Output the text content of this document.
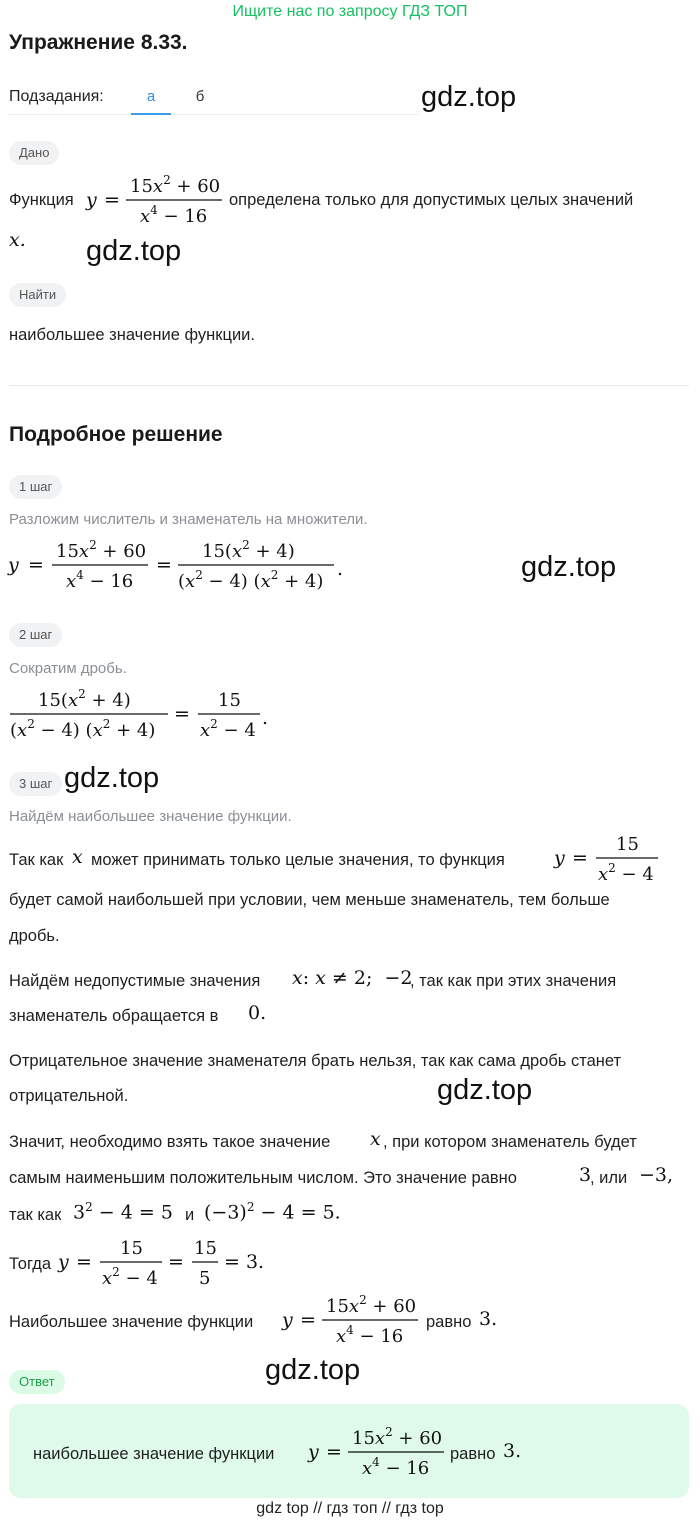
Ищите нас по запросу ГДЗ ТОП
Упражнение 8.33.
Подзадания:	а	б	gdz.top
Дано
Функция y =
$15x^2 + 60$
$x^4 - 16$
определена только для допустимых целых значений
x. gdz.top
Найти
наибольшее значение функции.
Подробное решение
1 шаг
Разложим числитель и знаменатель на множители.
y =
$15x^2 + 60$
$x^4 - 16$
=
$15(x^2 + 4)$
$(x^2 - 4) (x^2 + 4)$
.	gdz.top
2 шаг
Сократим дробь.
$15(x^2 + 4)$
$(x^2 - 4) (x^2 + 4)$
=
15
$x^2 - 4$
.
3 шаг gdz.top
Найдём наибольшее значение функции.
Так как x может принимать только целые значения, то функция	y =
15
$x^2 - 4$
будет самой наибольшей при условии, чем меньше знаменатель, тем больше
дробь.
Найдём недопустимые значения x: x ≠ 2;  −2
, так как при этих значения
знаменатель обращается в 0.
Отрицательное значение знаменателя брать нельзя, так как сама дробь станет
отрицательной.	gdz.top
Значит, необходимо взять такое значение x , при котором знаменатель будет
самым наименьшим положительным числом. Это значение равно	3
, или −3,
так как $3^2 - 4 = 5$ и $(-3)^2 - 4 = 5$.
Тогда y =
15
$x^2 - 4$
=
15
5
= 3.
Наибольшее значение функции y =
$15x^2 + 60$
$x^4 - 16$
равно 3.
gdz.top
Ответ
наибольшее значение функции y =
$15x^2 + 60$
$x^4 - 16$
равно 3.
gdz top // гдз топ // гдз top
